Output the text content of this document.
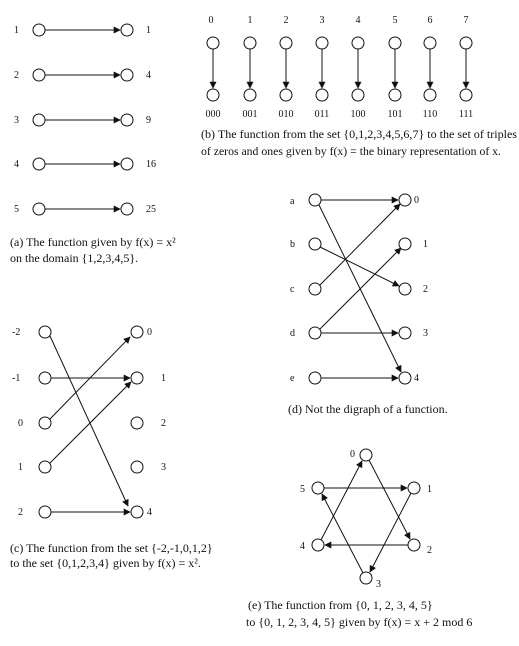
1
2
3
4
5
1
4
9
16
25
(a) The function given by f(x) = x²
on the domain {1,2,3,4,5}.
0	1	2	3	4	5	6	7
000 001 010 011 100 101 110 111
(b) The function from the set {0,1,2,3,4,5,6,7} to the set of triples
of zeros and ones given by f(x) = the binary representation of x.
-2
-1
0
1
2
0
1
2
3
4
(c) The function from the set {-2,-1,0,1,2}
to the set {0,1,2,3,4} given by f(x) = x².
a
b
c
d
e
0
1
2
3
4
(d) Not the digraph of a function.
0
1
2
3
4
5
(e) The function from {0, 1, 2, 3, 4, 5}
to {0, 1, 2, 3, 4, 5} given by f(x) = x + 2 mod 6
